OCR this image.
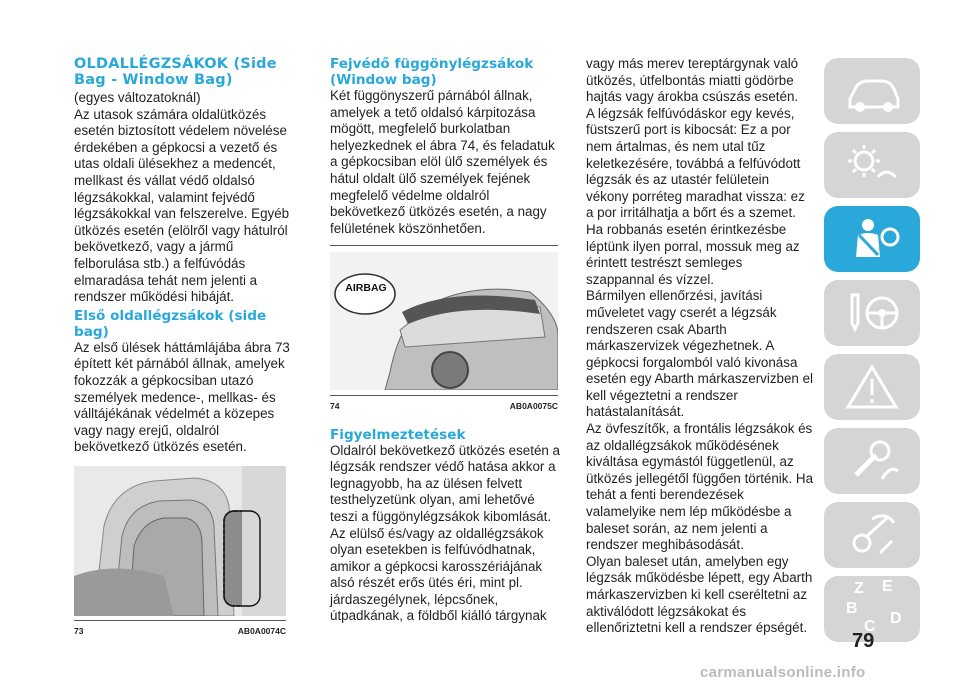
OLDALLÉGZSÁKOK (Side Bag - Window Bag)

(egyes változatoknál)

Az utasok számára oldalütközés esetén biztosított védelem növelése érdekében a gépkocsi a vezető és utas oldali ülésekhez a medencét, mellkast és vállat védő oldalsó légzsákokkal, valamint fejvédő légzsákokkal van felszerelve. Egyéb ütközés esetén (elölről vagy hátulról bekövetkező, vagy a jármű felborulása stb.) a felfúvódás elmaradása tehát nem jelenti a rendszer működési hibáját.

Első oldallégzsákok (side bag)

Az első ülések háttámlájába ábra 73 épített két párnából állnak, amelyek fokozzák a gépkocsiban utazó személyek medence-, mellkas- és válltájékának védelmét a közepes vagy nagy erejű, oldalról bekövetkező ütközés esetén.

73	AB0A0074C

Fejvédő függönylégzsákok (Window bag)

Két függönyszerű párnából állnak, amelyek a tető oldalsó kárpitozása mögött, megfelelő burkolatban helyezkednek el ábra 74, és feladatuk a gépkocsiban elöl ülő személyek és hátul oldalt ülő személyek fejének megfelelő védelme oldalról bekövetkező ütközés esetén, a nagy felületének köszönhetően.

AIRBAG
74	AB0A0075C

Figyelmeztetések

Oldalról bekövetkező ütközés esetén a légzsák rendszer védő hatása akkor a legnagyobb, ha az ülésen felvett testhelyzetünk olyan, ami lehetővé teszi a függönylégzsákok kibomlását.

Az elülső és/vagy az oldallégzsákok olyan esetekben is felfúvódhatnak, amikor a gépkocsi karosszériájának alsó részét erős ütés éri, mint pl. járdaszegélynek, lépcsőnek, útpadkának, a földből kiálló tárgynak

vagy más merev tereptárgynak való ütközés, útfelbontás miatti gödörbe hajtás vagy árokba csúszás esetén.

A légzsák felfúvódáskor egy kevés, füstszerű port is kibocsát: Ez a por nem ártalmas, és nem utal tűz keletkezésére, továbbá a felfúvódott légzsák és az utastér felületein vékony porréteg maradhat vissza: ez a por irritálhatja a bőrt és a szemet. Ha robbanás esetén érintkezésbe léptünk ilyen porral, mossuk meg az érintett testrészt semleges szappannal és vízzel.

Bármilyen ellenőrzési, javítási műveletet vagy cserét a légzsák rendszeren csak Abarth márkaszervizek végezhetnek. A gépkocsi forgalomból való kivonása esetén egy Abarth márkaszervizben el kell végeztetni a rendszer hatástalanítását.

Az övfeszítők, a frontális légzsákok és az oldallégzsákok működésének kiváltása egymástól függetlenül, az ütközés jellegétől függően történik. Ha tehát a fenti berendezések valamelyike nem lép működésbe a baleset során, az nem jelenti a rendszer meghibásodását.

Olyan baleset után, amelyben egy légzsák működésbe lépett, egy Abarth márkaszervizben ki kell cseréltetni az aktiválódott légzsákokat és ellenőriztetni kell a rendszer épségét.

Z E
B
C D
79
carmanualsonline.info
